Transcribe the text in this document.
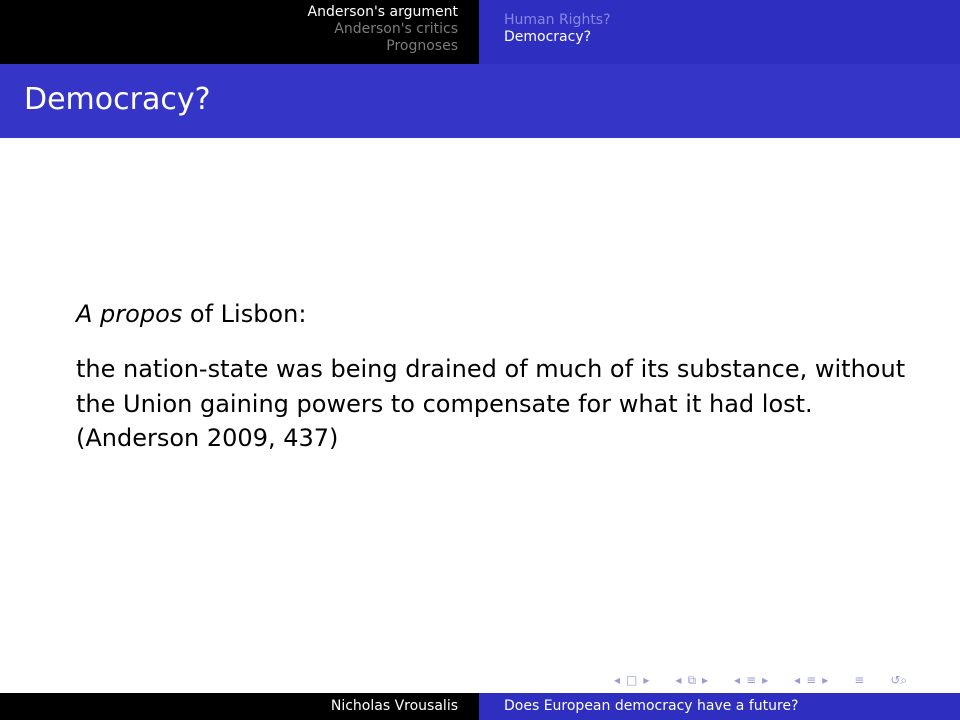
Anderson's argument
Anderson's critics
Prognoses
Human Rights?
Democracy?
Democracy?

A propos of Lisbon:

the nation-state was being drained of much of its substance, without the Union gaining powers to compensate for what it had lost. (Anderson 2009, 437)

◂ □ ▸ ◂ ⧉ ▸ ◂ ≡ ▸ ◂ ≡ ▸ ≡ ↺⌕
Nicholas Vrousalis	Does European democracy have a future?
